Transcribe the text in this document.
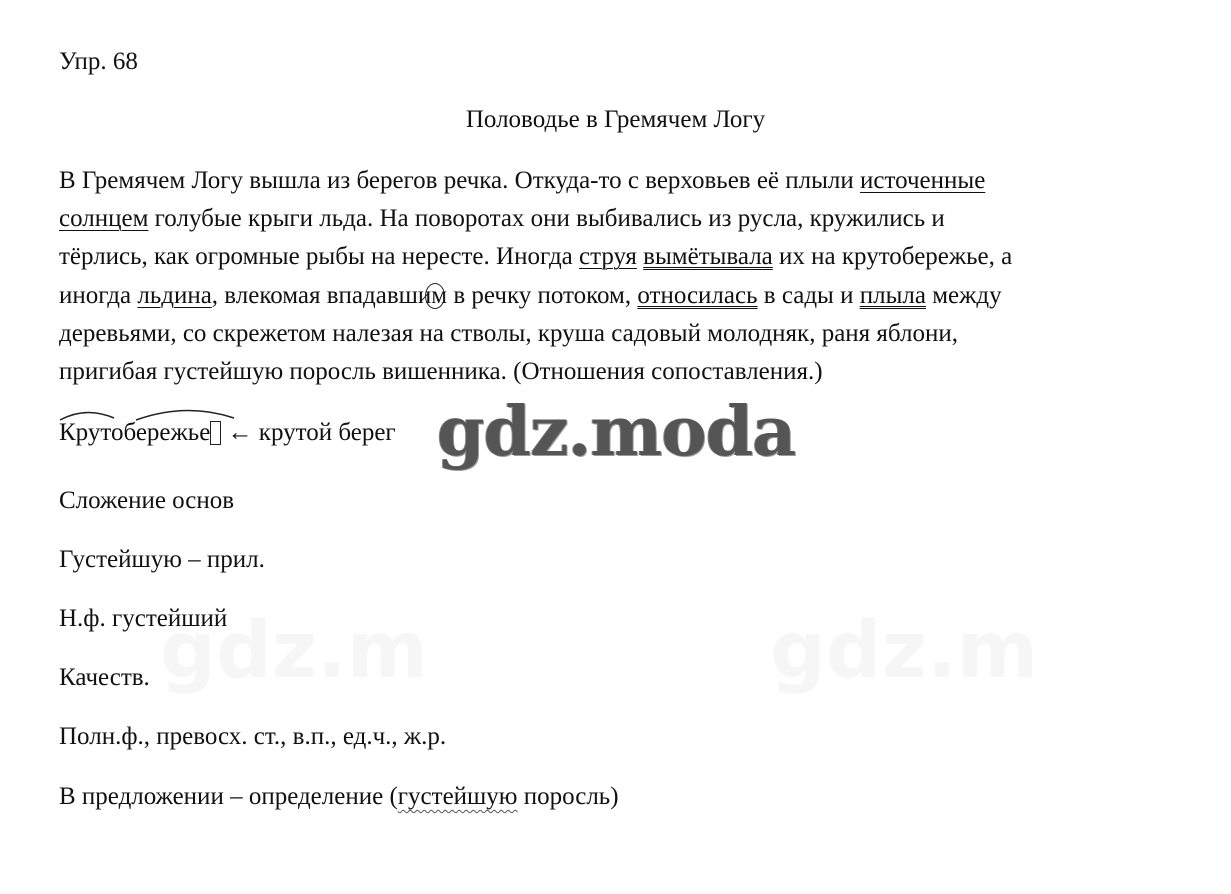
Упр. 68
Половодье в Гремячем Логу
В Гремячем Логу вышла из берегов речка. Откуда-то с верховьев её плыли источенные
солнцем голубые крыги льда. На поворотах они выбивались из русла, кружились и
тёрлись, как огромные рыбы на нересте. Иногда струя вымётывала их на крутобережье, а
иногда льдина, влекомая впадавшим в речку потоком, относилась в сады и плыла между
деревьями, со скрежетом налезая на стволы, круша садовый молодняк, раня яблони,
пригибая густейшую поросль вишенника. (Отношения сопоставления.)
Крутобережье ← крутой берег gdz.moda
Сложение основ
Густейшую – прил.
Н.ф. густейший
Качеств.
Полн.ф., превосх. ст., в.п., ед.ч., ж.р.
В предложении – определение (густейшую поросль)
